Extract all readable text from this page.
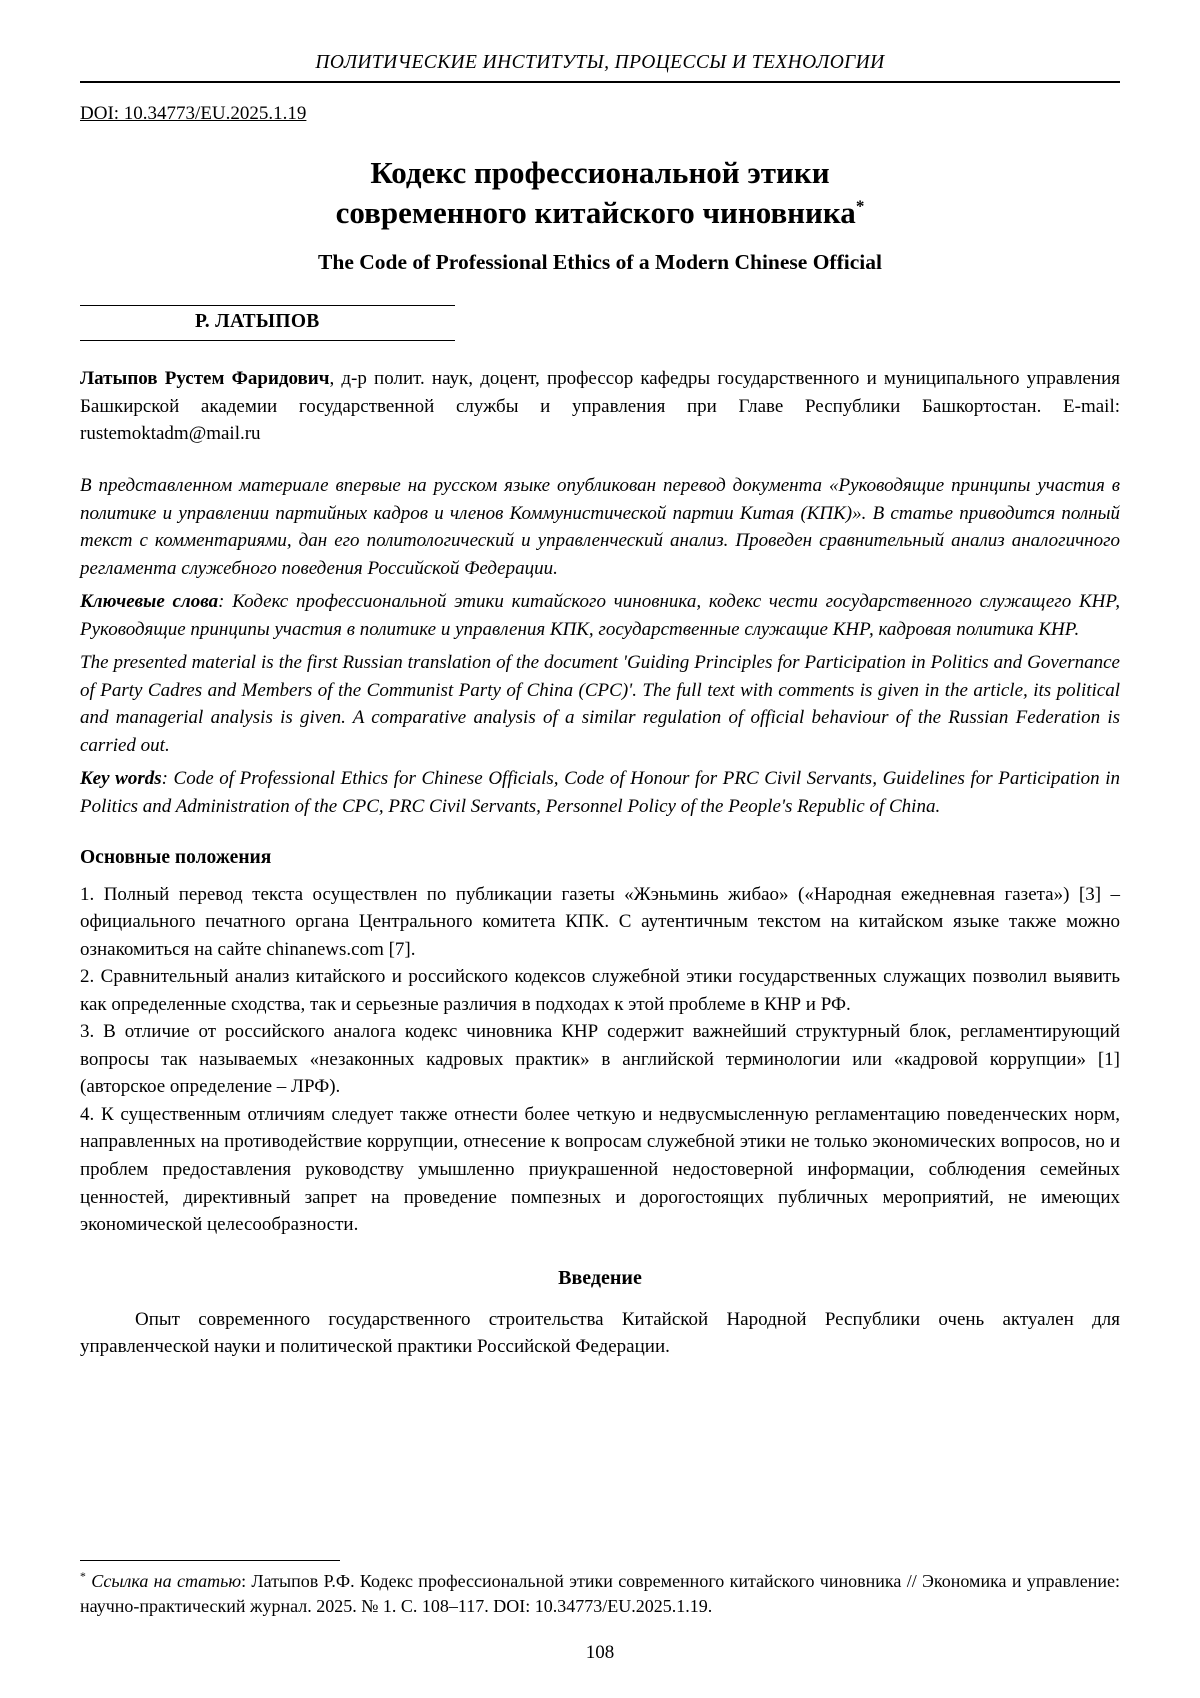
ПОЛИТИЧЕСКИЕ ИНСТИТУТЫ, ПРОЦЕССЫ И ТЕХНОЛОГИИ
DOI: 10.34773/EU.2025.1.19
Кодекс профессиональной этики
современного китайского чиновника*
The Code of Professional Ethics of a Modern Chinese Official
Р. ЛАТЫПОВ

Латыпов Рустем Фаридович, д-р полит. наук, доцент, профессор кафедры государственного и муниципального управления Башкирской академии государственной службы и управления при Главе Республики Башкортостан. E-mail: rustemoktadm@mail.ru

В представленном материале впервые на русском языке опубликован перевод документа «Руководящие принципы участия в политике и управлении партийных кадров и членов Коммунистической партии Китая (КПК)». В статье приводится полный текст с комментариями, дан его политологический и управленческий анализ. Проведен сравнительный анализ аналогичного регламента служебного поведения Российской Федерации.

Ключевые слова: Кодекс профессиональной этики китайского чиновника, кодекс чести государственного служащего КНР, Руководящие принципы участия в политике и управления КПК, государственные служащие КНР, кадровая политика КНР.

The presented material is the first Russian translation of the document 'Guiding Principles for Participation in Politics and Governance of Party Cadres and Members of the Communist Party of China (CPC)'. The full text with comments is given in the article, its political and managerial analysis is given. A comparative analysis of a similar regulation of official behaviour of the Russian Federation is carried out.

Key words: Code of Professional Ethics for Chinese Officials, Code of Honour for PRC Civil Servants, Guidelines for Participation in Politics and Administration of the CPC, PRC Civil Servants, Personnel Policy of the People's Republic of China.

Основные положения

1. Полный перевод текста осуществлен по публикации газеты «Жэньминь жибао» («Народная ежедневная газета») [3] – официального печатного органа Центрального комитета КПК. С аутентичным текстом на китайском языке также можно ознакомиться на сайте chinanews.com [7].

2. Сравнительный анализ китайского и российского кодексов служебной этики государственных служащих позволил выявить как определенные сходства, так и серьезные различия в подходах к этой проблеме в КНР и РФ.

3. В отличие от российского аналога кодекс чиновника КНР содержит важнейший структурный блок, регламентирующий вопросы так называемых «незаконных кадровых практик» в английской терминологии или «кадровой коррупции» [1] (авторское определение – ЛРФ).

4. К существенным отличиям следует также отнести более четкую и недвусмысленную регламентацию поведенческих норм, направленных на противодействие коррупции, отнесение к вопросам служебной этики не только экономических вопросов, но и проблем предоставления руководству умышленно приукрашенной недостоверной информации, соблюдения семейных ценностей, директивный запрет на проведение помпезных и дорогостоящих публичных мероприятий, не имеющих экономической целесообразности.

Введение

Опыт современного государственного строительства Китайской Народной Республики очень актуален для управленческой науки и политической практики Российской Федерации.

* Ссылка на статью: Латыпов Р.Ф. Кодекс профессиональной этики современного китайского чиновника // Экономика и управление: научно-практический журнал. 2025. № 1. С. 108–117. DOI: 10.34773/EU.2025.1.19.

108
